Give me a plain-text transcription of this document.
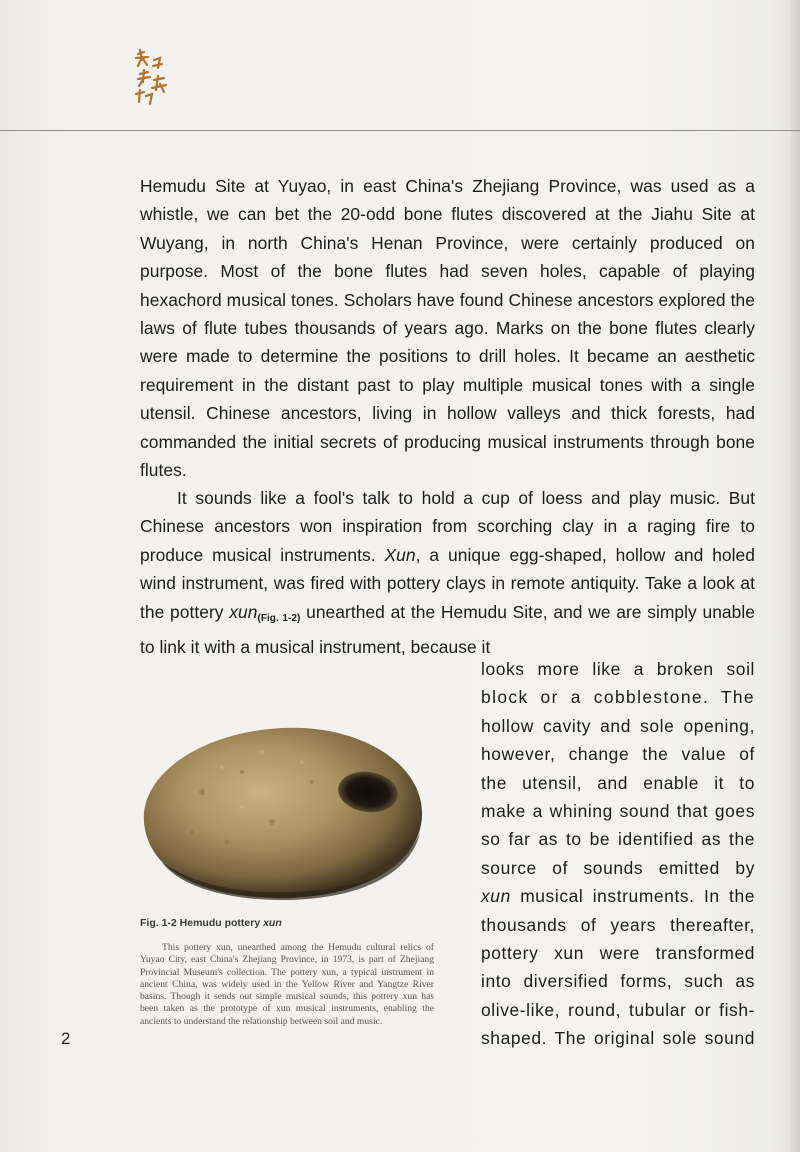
Hemudu Site at Yuyao, in east China's Zhejiang Province, was used as a whistle, we can bet the 20-odd bone flutes discovered at the Jiahu Site at Wuyang, in north China's Henan Province, were certainly produced on purpose. Most of the bone flutes had seven holes, capable of playing hexachord musical tones. Scholars have found Chinese ancestors explored the laws of flute tubes thousands of years ago. Marks on the bone flutes clearly were made to determine the positions to drill holes. It became an aesthetic requirement in the distant past to play multiple musical tones with a single utensil. Chinese ancestors, living in hollow valleys and thick forests, had commanded the initial secrets of producing musical instruments through bone flutes.

It sounds like a fool's talk to hold a cup of loess and play music. But Chinese ancestors won inspiration from scorching clay in a raging fire to produce musical instruments. Xun, a unique egg-shaped, hollow and holed wind instrument, was fired with pottery clays in remote antiquity. Take a look at the pottery xun$_{(Fig. 1-2)}$ unearthed at the Hemudu Site, and we are simply unable to link it with a musical instrument, because it

looks more like a broken soil
block or a cobblestone. The
hollow cavity and sole opening,
however, change the value of
the utensil, and enable it to
make a whining sound that goes
so far as to be identified as the
source of sounds emitted by
xun musical instruments. In the
thousands of years thereafter,
pottery xun were transformed
into diversified forms, such as
olive-like, round, tubular or fish-
shaped. The original sole sound
Fig. 1-2 Hemudu pottery xun
This pottery xun, unearthed among the Hemudu cultural relics of Yuyao City, east China's Zhejiang Province, in 1973, is part of Zhejiang Provincial Museum's collection. The pottery xun, a typical instrument in ancient China, was widely used in the Yellow River and Yangtze River basins. Though it sends out simple musical sounds, this pottery xun has been taken as the prototype of xun musical instruments, enabling the ancients to understand the relationship between soil and music.
2
